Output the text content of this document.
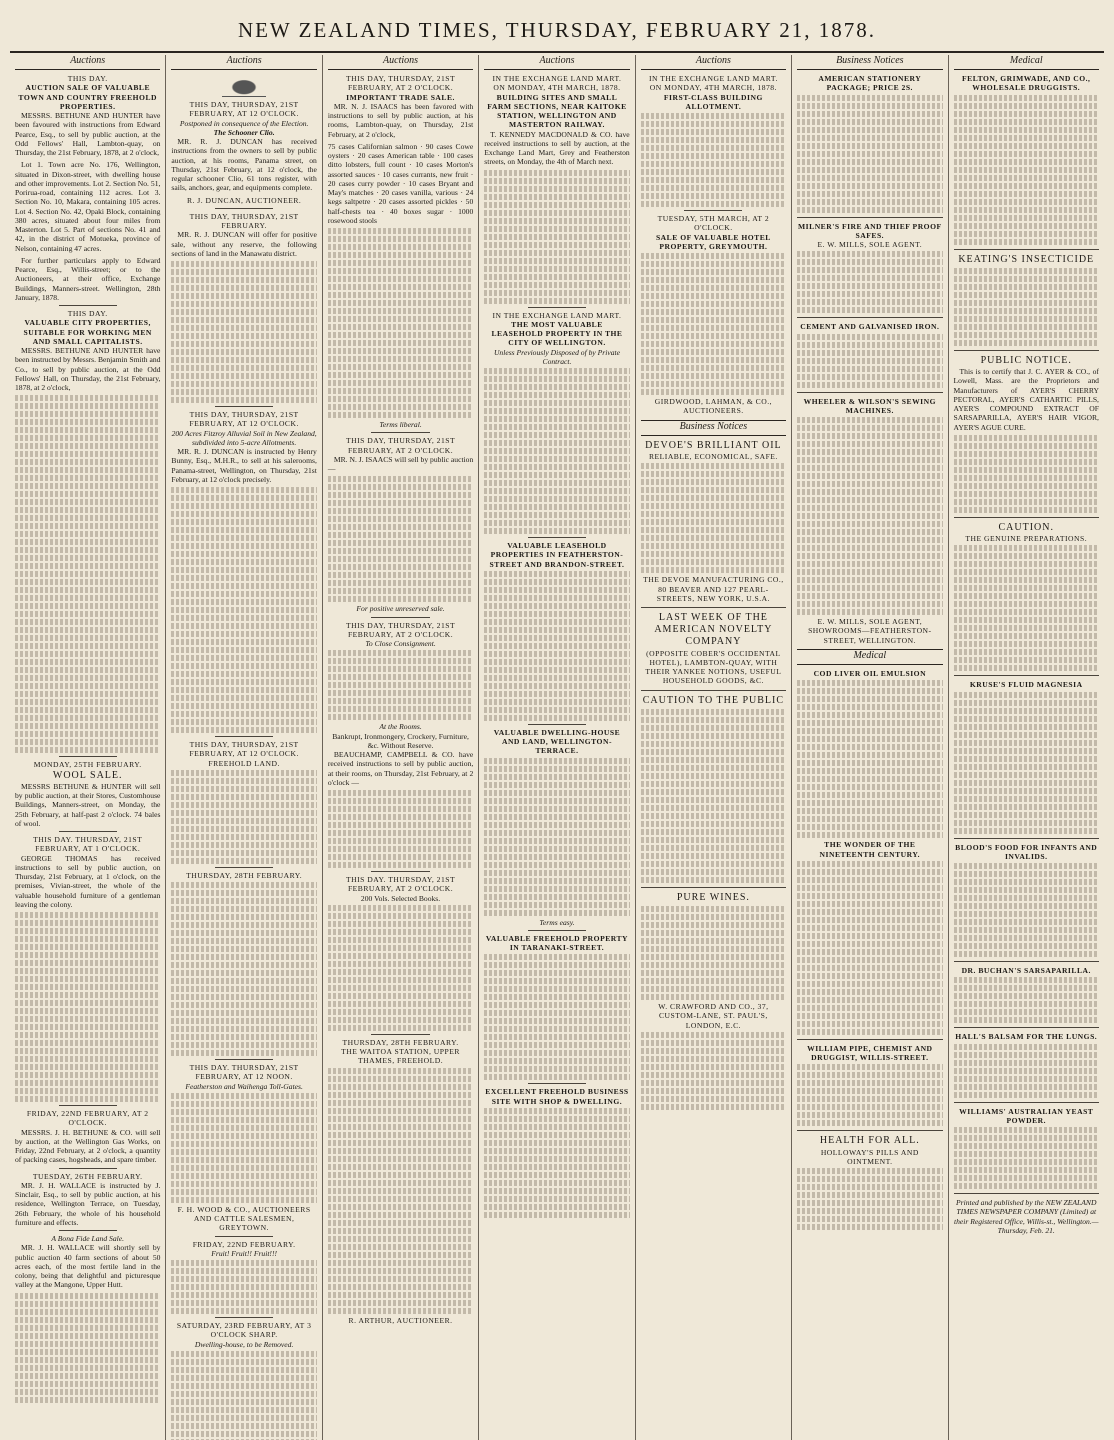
NEW ZEALAND TIMES, THURSDAY, FEBRUARY 21, 1878.
Auctions
THIS DAY.
AUCTION SALE OF VALUABLE TOWN AND COUNTRY FREEHOLD PROPERTIES.

MESSRS. BETHUNE AND HUNTER have been favoured with instructions from Edward Pearce, Esq., to sell by public auction, at the Odd Fellows' Hall, Lambton-quay, on Thursday, the 21st February, 1878, at 2 o'clock,

Lot 1. Town acre No. 176, Wellington, situated in Dixon-street, with dwelling house and other improvements. Lot 2. Section No. 51, Porirua-road, containing 112 acres. Lot 3. Section No. 10, Makara, containing 105 acres. Lot 4. Section No. 42, Opaki Block, containing 380 acres, situated about four miles from Masterton. Lot 5. Part of sections No. 41 and 42, in the district of Motueka, province of Nelson, containing 47 acres.

For further particulars apply to Edward Pearce, Esq., Willis-street; or to the Auctioneers, at their office, Exchange Buildings, Manners-street. Wellington, 28th January, 1878.

THIS DAY.
VALUABLE CITY PROPERTIES, SUITABLE FOR WORKING MEN AND SMALL CAPITALISTS.

MESSRS. BETHUNE AND HUNTER have been instructed by Messrs. Benjamin Smith and Co., to sell by public auction, at the Odd Fellows' Hall, on Thursday, the 21st February, 1878, at 2 o'clock,

MONDAY, 25TH FEBRUARY.
WOOL SALE.

MESSRS BETHUNE & HUNTER will sell by public auction, at their Stores, Customhouse Buildings, Manners-street, on Monday, the 25th February, at half-past 2 o'clock. 74 bales of wool.

THIS DAY. THURSDAY, 21ST FEBRUARY, AT 1 O'CLOCK.

GEORGE THOMAS has received instructions to sell by public auction, on Thursday, 21st February, at 1 o'clock, on the premises, Vivian-street, the whole of the valuable household furniture of a gentleman leaving the colony.

FRIDAY, 22ND FEBRUARY, AT 2 O'CLOCK.

MESSRS. J. H. BETHUNE & CO. will sell by auction, at the Wellington Gas Works, on Friday, 22nd February, at 2 o'clock, a quantity of packing cases, hogsheads, and spare timber.

TUESDAY, 26TH FEBRUARY.

MR. J. H. WALLACE is instructed by J. Sinclair, Esq., to sell by public auction, at his residence, Wellington Terrace, on Tuesday, 26th February, the whole of his household furniture and effects.

A Bona Fide Land Sale.

MR. J. H. WALLACE will shortly sell by public auction 40 farm sections of about 50 acres each, of the most fertile land in the colony, being that delightful and picturesque valley at the Mangone, Upper Hutt.

Auctions
THIS DAY, THURSDAY, 21ST FEBRUARY, AT 12 O'CLOCK.
Postponed in consequence of the Election.
The Schooner Clio.

MR. R. J. DUNCAN has received instructions from the owners to sell by public auction, at his rooms, Panama street, on Thursday, 21st February, at 12 o'clock, the regular schooner Clio, 61 tons register, with sails, anchors, gear, and equipments complete.

R. J. DUNCAN, AUCTIONEER.
THIS DAY, THURSDAY, 21ST FEBRUARY.

MR. R. J. DUNCAN will offer for positive sale, without any reserve, the following sections of land in the Manawatu district.

THIS DAY, THURSDAY, 21ST FEBRUARY, AT 12 O'CLOCK.
200 Acres Fitzroy Alluvial Soil in New Zealand, subdivided into 5-acre Allotments.

MR. R. J. DUNCAN is instructed by Henry Bunny, Esq., M.H.R., to sell at his salerooms, Panama-street, Wellington, on Thursday, 21st February, at 12 o'clock precisely.

THIS DAY, THURSDAY, 21ST FEBRUARY, AT 12 O'CLOCK.
FREEHOLD LAND.
THURSDAY, 28TH FEBRUARY.
THIS DAY. THURSDAY, 21ST FEBRUARY, AT 12 NOON.
Featherston and Waihenga Toll-Gates.
F. H. WOOD & CO., AUCTIONEERS AND CATTLE SALESMEN, GREYTOWN.
FRIDAY, 22ND FEBRUARY.
Fruit! Fruit!! Fruit!!!
SATURDAY, 23RD FEBRUARY, AT 3 O'CLOCK SHARP.
Dwelling-house, to be Removed.
Auctions
THIS DAY, THURSDAY, 21ST FEBRUARY, AT 2 O'CLOCK.
IMPORTANT TRADE SALE.

MR. N. J. ISAACS has been favored with instructions to sell by public auction, at his rooms, Lambton-quay, on Thursday, 21st February, at 2 o'clock,

75 cases Californian salmon · 90 cases Cowe oysters · 20 cases American table · 100 cases ditto lobsters, full count · 10 cases Morton's assorted sauces · 10 cases currants, new fruit · 20 cases curry powder · 10 cases Bryant and May's matches · 20 cases vanilla, various · 24 kegs saltpetre · 20 cases assorted pickles · 50 half-chests tea · 40 boxes sugar · 1000 rosewood stools

Terms liberal.
THIS DAY, THURSDAY, 21ST FEBRUARY, AT 2 O'CLOCK.

MR. N. J. ISAACS will sell by public auction —

For positive unreserved sale.
THIS DAY, THURSDAY, 21ST FEBRUARY, AT 2 O'CLOCK.
To Close Consignment.
At the Rooms.
Bankrupt, Ironmongery, Crockery, Furniture, &c. Without Reserve.

BEAUCHAMP, CAMPBELL & CO. have received instructions to sell by public auction, at their rooms, on Thursday, 21st February, at 2 o'clock —

THIS DAY. THURSDAY, 21ST FEBRUARY, AT 2 O'CLOCK.
200 Vols. Selected Books.
THURSDAY, 28TH FEBRUARY.
THE WAITOA STATION, UPPER THAMES, FREEHOLD.
R. ARTHUR, AUCTIONEER.
Auctions
IN THE EXCHANGE LAND MART.
ON MONDAY, 4TH MARCH, 1878.
BUILDING SITES AND SMALL FARM SECTIONS, NEAR KAITOKE STATION, WELLINGTON AND MASTERTON RAILWAY.

T. KENNEDY MACDONALD & CO. have received instructions to sell by auction, at the Exchange Land Mart, Grey and Featherston streets, on Monday, the 4th of March next.

IN THE EXCHANGE LAND MART.
THE MOST VALUABLE LEASEHOLD PROPERTY IN THE CITY OF WELLINGTON.
Unless Previously Disposed of by Private Contract.
VALUABLE LEASEHOLD PROPERTIES IN FEATHERSTON-STREET AND BRANDON-STREET.
VALUABLE DWELLING-HOUSE AND LAND, WELLINGTON-TERRACE.
Terms easy.
VALUABLE FREEHOLD PROPERTY IN TARANAKI-STREET.
EXCELLENT FREEHOLD BUSINESS SITE WITH SHOP & DWELLING.
Auctions
IN THE EXCHANGE LAND MART.
ON MONDAY, 4TH MARCH, 1878.
FIRST-CLASS BUILDING ALLOTMENT.
TUESDAY, 5TH MARCH, AT 2 O'CLOCK.
SALE OF VALUABLE HOTEL PROPERTY, GREYMOUTH.
GIRDWOOD, LAHMAN, & CO., AUCTIONEERS.
Business Notices
DEVOE'S BRILLIANT OIL
RELIABLE, ECONOMICAL, SAFE.
THE DEVOE MANUFACTURING CO., 80 BEAVER AND 127 PEARL-STREETS, NEW YORK, U.S.A.
LAST WEEK OF THE AMERICAN NOVELTY COMPANY
(OPPOSITE COBER'S OCCIDENTAL HOTEL), LAMBTON-QUAY, WITH THEIR YANKEE NOTIONS, USEFUL HOUSEHOLD GOODS, &C.
CAUTION TO THE PUBLIC
PURE WINES.
W. CRAWFORD AND CO., 37, CUSTOM-LANE, ST. PAUL'S, LONDON, E.C.
Business Notices
AMERICAN STATIONERY PACKAGE; PRICE 2S.
MILNER'S FIRE AND THIEF PROOF SAFES.
E. W. MILLS, SOLE AGENT.
CEMENT AND GALVANISED IRON.
WHEELER & WILSON'S SEWING MACHINES.
E. W. MILLS, SOLE AGENT, SHOWROOMS—FEATHERSTON-STREET, WELLINGTON.
Medical
COD LIVER OIL EMULSION
THE WONDER OF THE NINETEENTH CENTURY.
WILLIAM PIPE, CHEMIST AND DRUGGIST, WILLIS-STREET.
HEALTH FOR ALL.
HOLLOWAY'S PILLS AND OINTMENT.
Medical
FELTON, GRIMWADE, AND CO., WHOLESALE DRUGGISTS.
KEATING'S INSECTICIDE
PUBLIC NOTICE.

This is to certify that J. C. AYER & CO., of Lowell, Mass. are the Proprietors and Manufacturers of AYER'S CHERRY PECTORAL, AYER'S CATHARTIC PILLS, AYER'S COMPOUND EXTRACT OF SARSAPARILLA, AYER'S HAIR VIGOR, AYER'S AGUE CURE.

CAUTION.
THE GENUINE PREPARATIONS.
KRUSE'S FLUID MAGNESIA
BLOOD'S FOOD FOR INFANTS AND INVALIDS.
DR. BUCHAN'S SARSAPARILLA.
HALL'S BALSAM FOR THE LUNGS.
WILLIAMS' AUSTRALIAN YEAST POWDER.
Printed and published by the NEW ZEALAND TIMES NEWSPAPER COMPANY (Limited) at their Registered Office, Willis-st., Wellington.—Thursday, Feb. 21.
